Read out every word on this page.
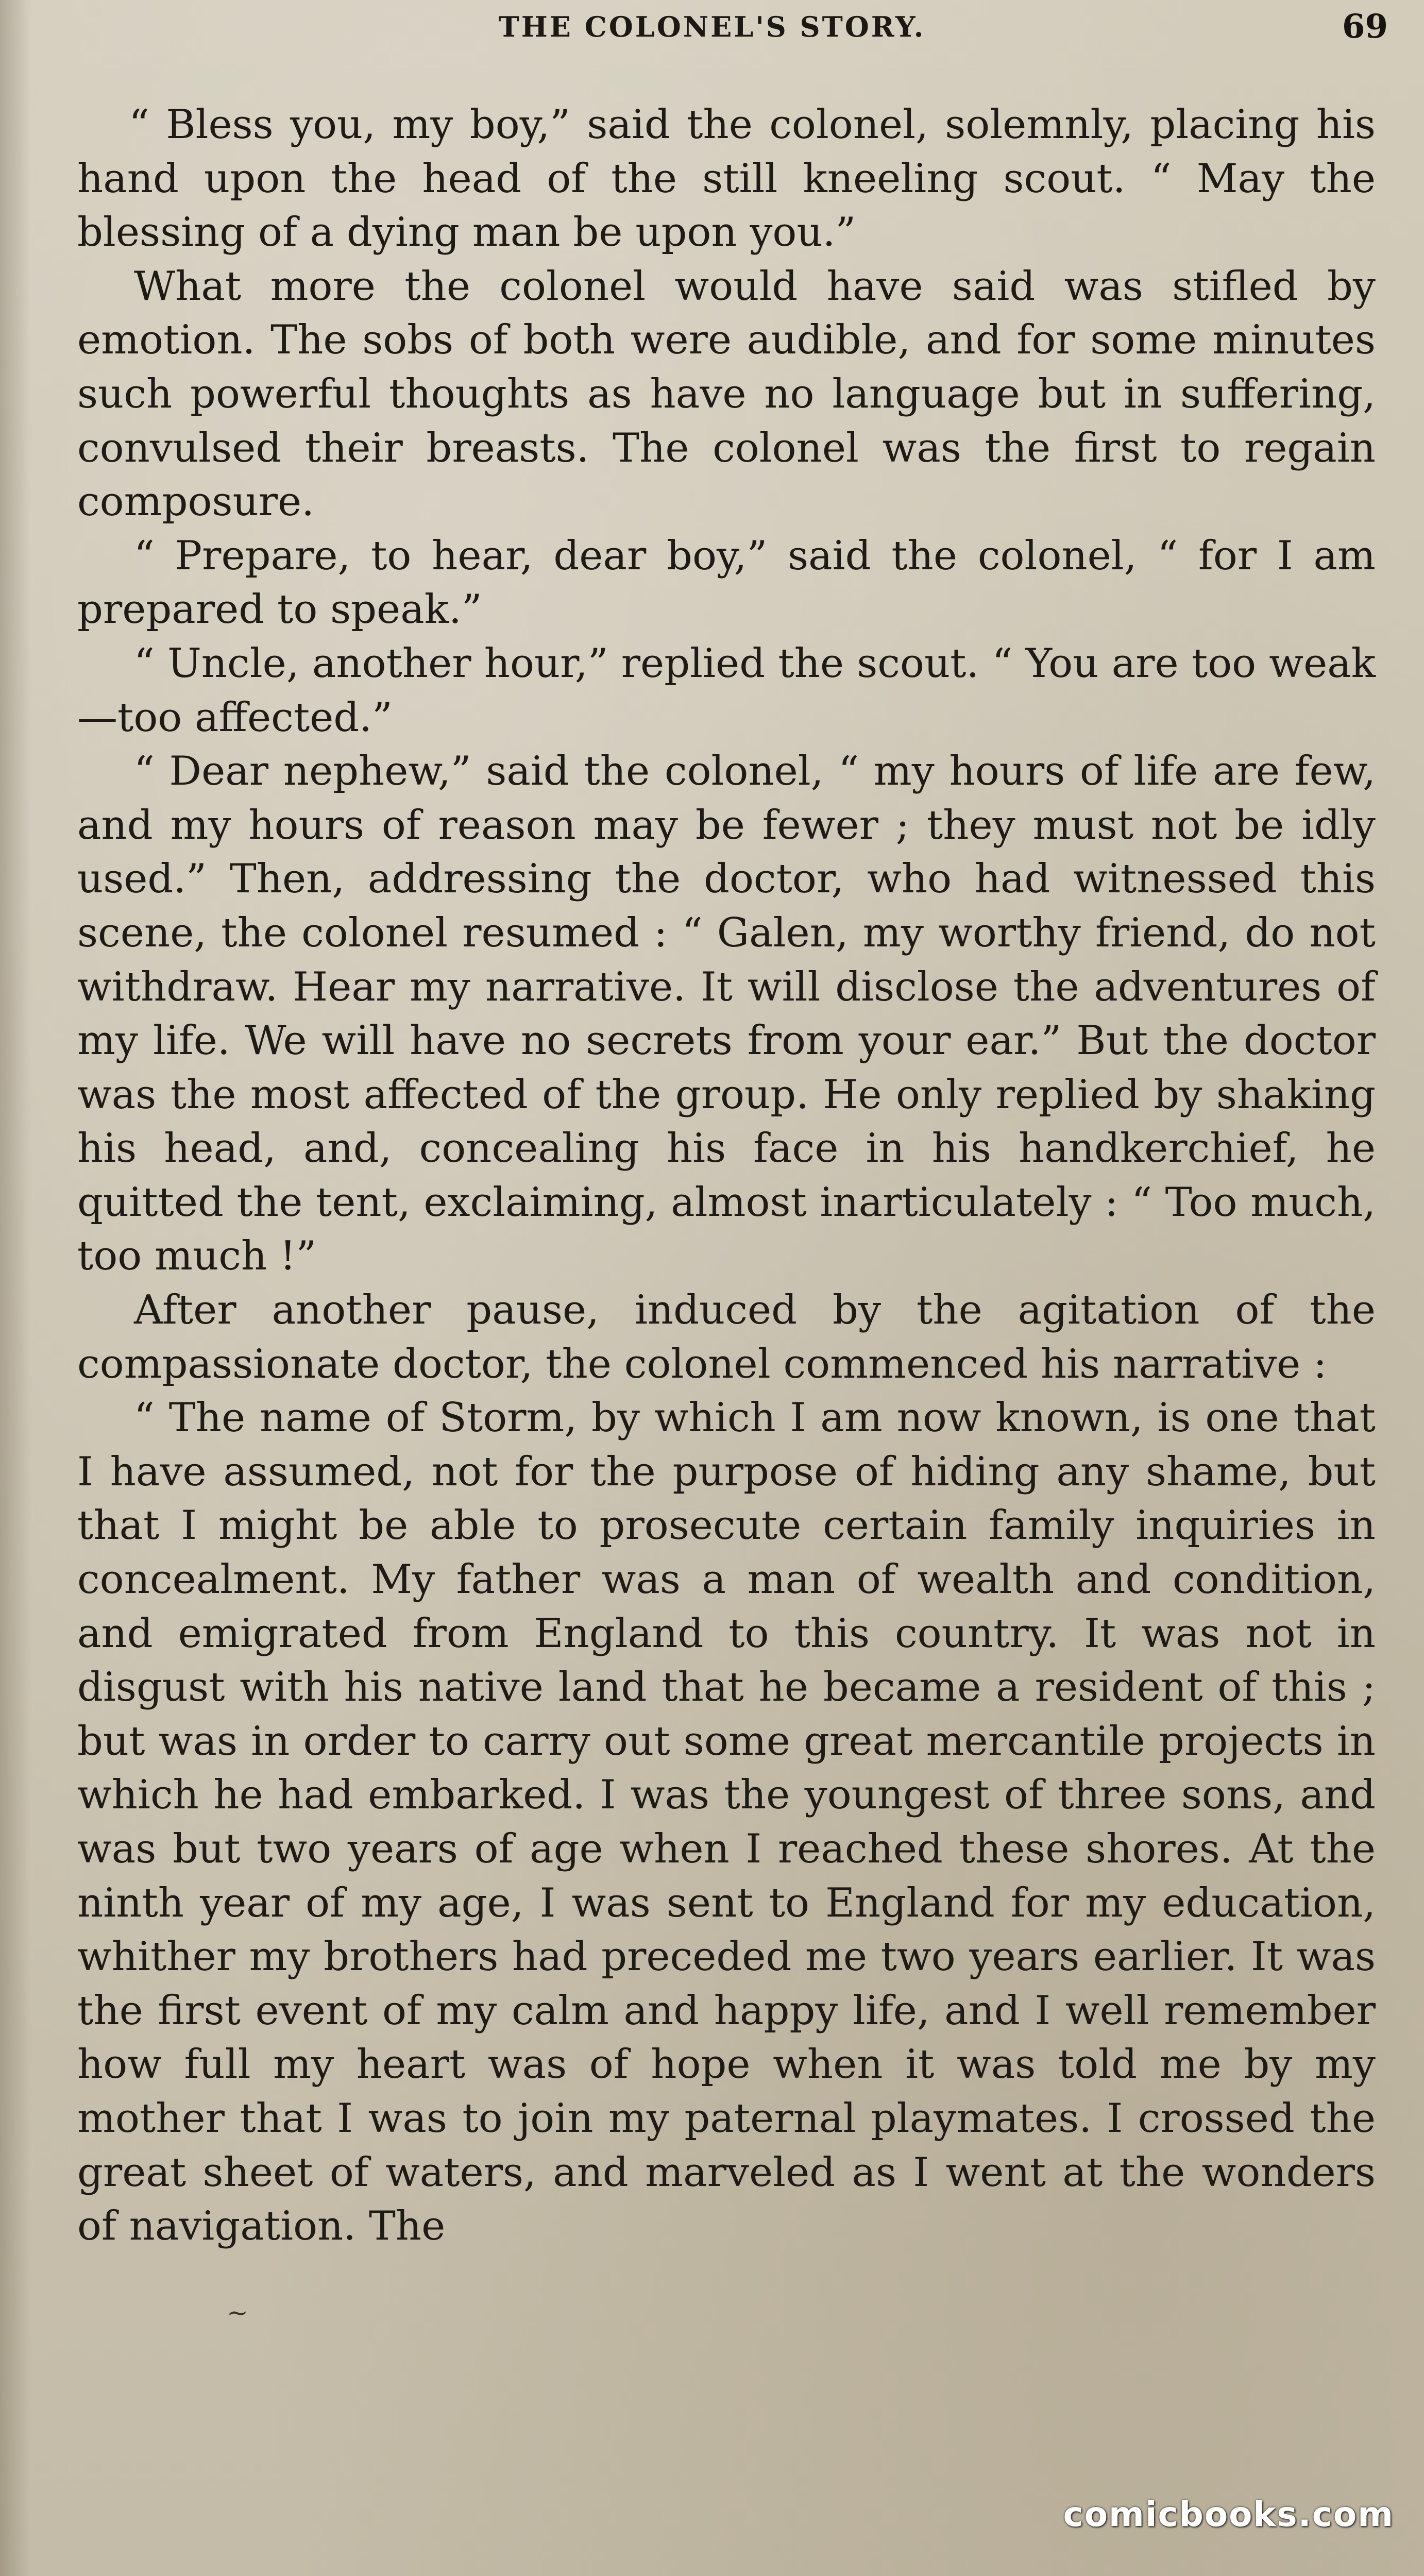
THE COLONEL'S STORY.	69

“ Bless you, my boy,” said the colonel, solemnly, placing his hand upon the head of the still kneeling scout. “ May the blessing of a dying man be upon you.”

What more the colonel would have said was stifled by emotion. The sobs of both were audible, and for some minutes such powerful thoughts as have no language but in suffering, convulsed their breasts. The colonel was the first to regain composure.

“ Prepare, to hear, dear boy,” said the colonel, “ for I am prepared to speak.”

“ Uncle, another hour,” replied the scout. “ You are too weak—too affected.”

“ Dear nephew,” said the colonel, “ my hours of life are few, and my hours of reason may be fewer ; they must not be idly used.” Then, addressing the doctor, who had witnessed this scene, the colonel resumed : “ Galen, my worthy friend, do not withdraw. Hear my narrative. It will disclose the adventures of my life. We will have no secrets from your ear.” But the doctor was the most affected of the group. He only replied by shaking his head, and, concealing his face in his handkerchief, he quitted the tent, exclaiming, almost inarticulately : “ Too much, too much !”

After another pause, induced by the agitation of the compassionate doctor, the colonel commenced his narrative :

“ The name of Storm, by which I am now known, is one that I have assumed, not for the purpose of hiding any shame, but that I might be able to prosecute certain family inquiries in concealment. My father was a man of wealth and condition, and emigrated from England to this country. It was not in disgust with his native land that he became a resident of this ; but was in order to carry out some great mercantile projects in which he had embarked. I was the youngest of three sons, and was but two years of age when I reached these shores. At the ninth year of my age, I was sent to England for my education, whither my brothers had preceded me two years earlier. It was the first event of my calm and happy life, and I well remember how full my heart was of hope when it was told me by my mother that I was to join my paternal playmates. I crossed the great sheet of waters, and marveled as I went at the wonders of navigation. The

~
comicbooks.com
